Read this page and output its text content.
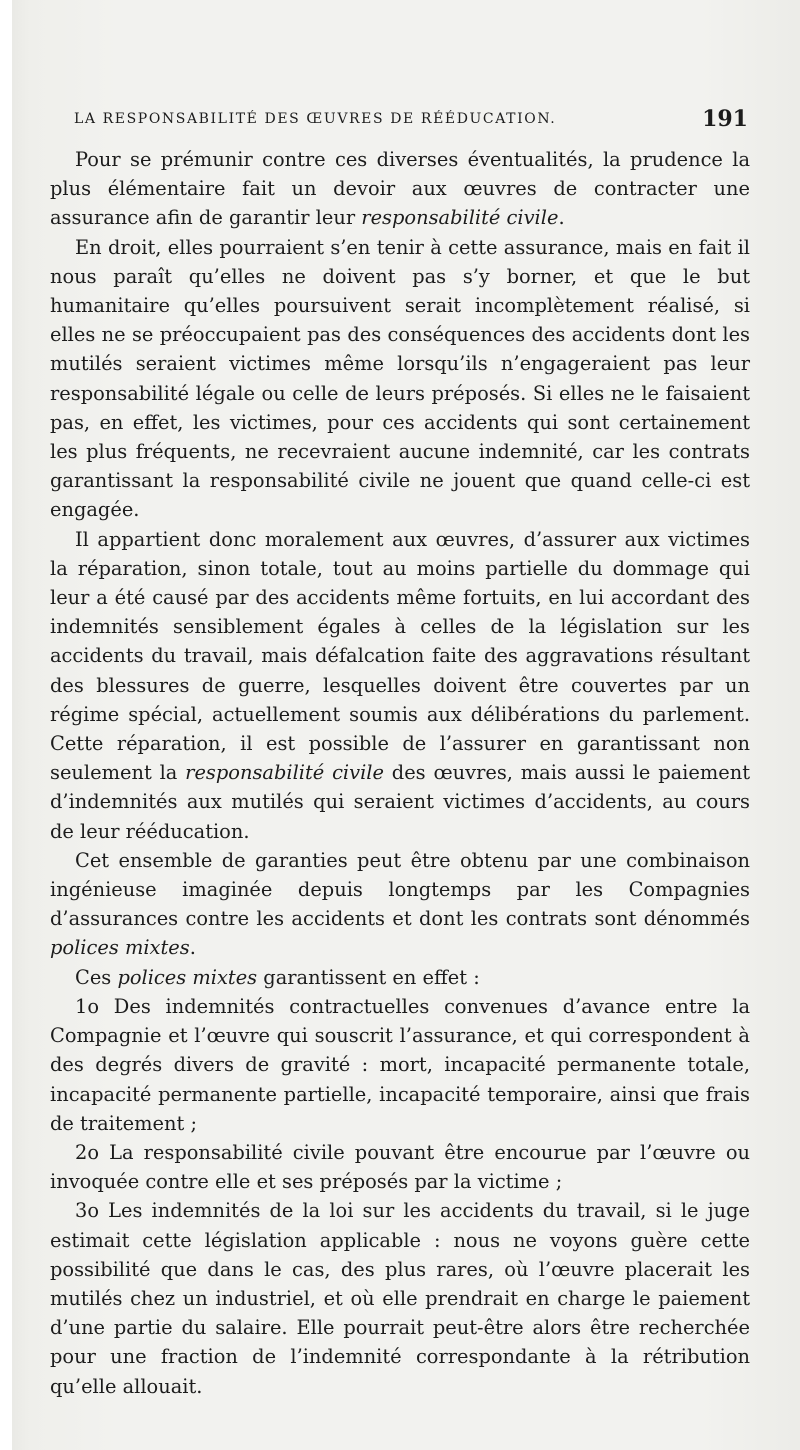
LA RESPONSABILITÉ DES ŒUVRES DE RÉÉDUCATION.	191

Pour se prémunir contre ces diverses éventualités, la prudence la plus élémentaire fait un devoir aux œuvres de contracter une assurance afin de garantir leur responsabilité civile.

En droit, elles pourraient s’en tenir à cette assurance, mais en fait il nous paraît qu’elles ne doivent pas s’y borner, et que le but humanitaire qu’elles poursuivent serait incomplètement réalisé, si elles ne se préoccupaient pas des conséquences des accidents dont les mutilés seraient victimes même lorsqu’ils n’engageraient pas leur responsabilité légale ou celle de leurs préposés. Si elles ne le faisaient pas, en effet, les victimes, pour ces accidents qui sont certainement les plus fréquents, ne recevraient aucune indemnité, car les contrats garantissant la responsabilité civile ne jouent que quand celle-ci est engagée.

Il appartient donc moralement aux œuvres, d’assurer aux victimes la réparation, sinon totale, tout au moins partielle du dommage qui leur a été causé par des accidents même fortuits, en lui accordant des indemnités sensiblement égales à celles de la législation sur les accidents du travail, mais défalcation faite des aggravations résultant des blessures de guerre, lesquelles doivent être couvertes par un régime spécial, actuellement soumis aux délibérations du parlement. Cette réparation, il est possible de l’assurer en garantissant non seulement la responsabilité civile des œuvres, mais aussi le paiement d’indemnités aux mutilés qui seraient victimes d’accidents, au cours de leur rééducation.

Cet ensemble de garanties peut être obtenu par une combinaison ingénieuse imaginée depuis longtemps par les Compagnies d’assurances contre les accidents et dont les contrats sont dénommés polices mixtes.

Ces polices mixtes garantissent en effet :

1o Des indemnités contractuelles convenues d’avance entre la Compagnie et l’œuvre qui souscrit l’assurance, et qui correspondent à des degrés divers de gravité : mort, incapacité permanente totale, incapacité permanente partielle, incapacité temporaire, ainsi que frais de traitement ;

2o La responsabilité civile pouvant être encourue par l’œuvre ou invoquée contre elle et ses préposés par la victime ;

3o Les indemnités de la loi sur les accidents du travail, si le juge estimait cette législation applicable : nous ne voyons guère cette possibilité que dans le cas, des plus rares, où l’œuvre placerait les mutilés chez un industriel, et où elle prendrait en charge le paiement d’une partie du salaire. Elle pourrait peut-être alors être recherchée pour une fraction de l’indemnité correspondante à la rétribution qu’elle allouait.
